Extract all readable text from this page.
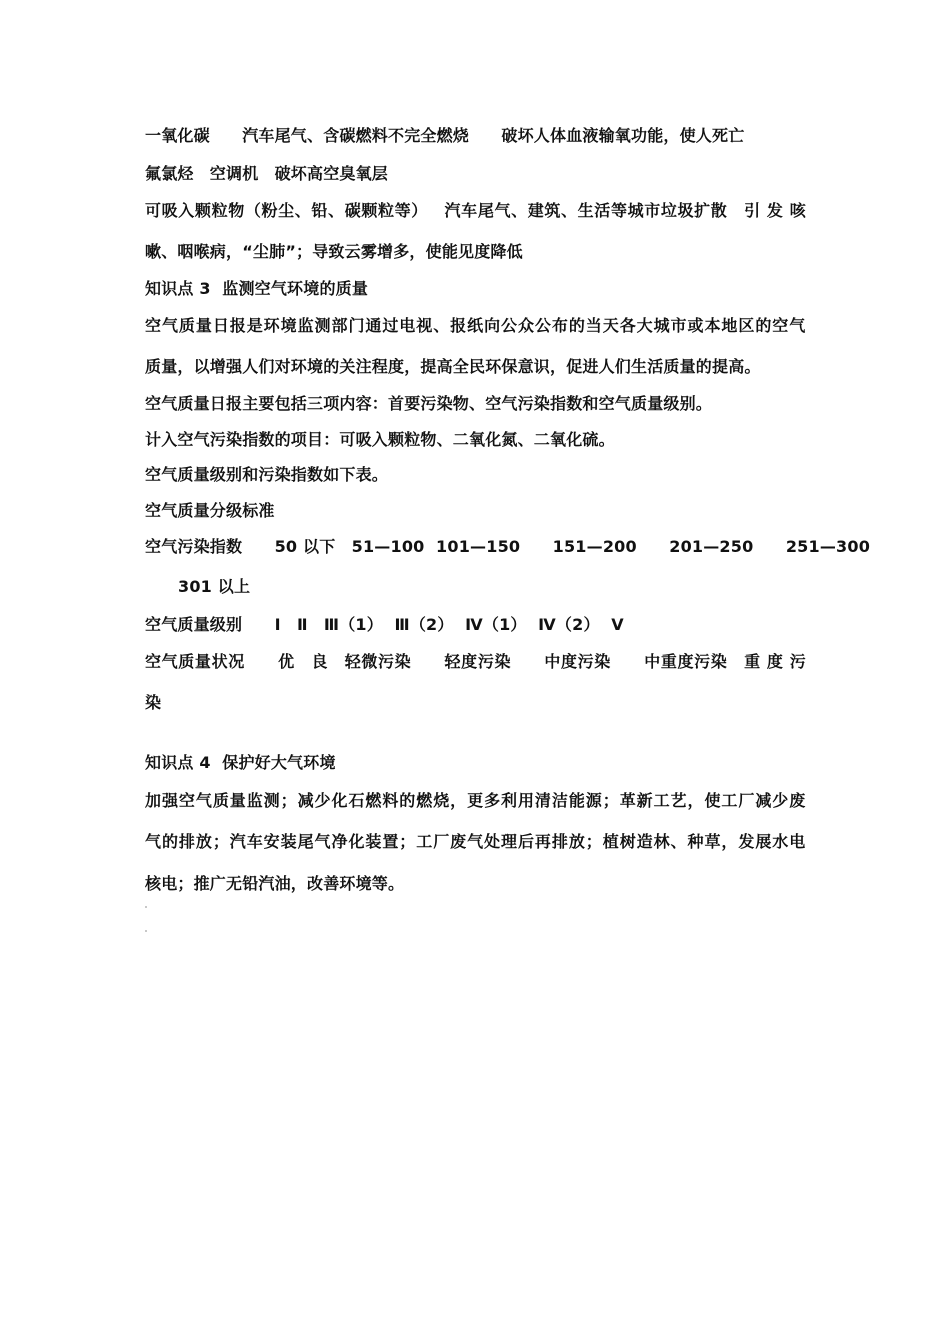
一氧化碳　　汽车尾气、含碳燃料不完全燃烧　　破坏人体血液输氧功能，使人死亡
氟氯烃　空调机　破坏高空臭氧层
可 吸 入 颗 粒 物 （ 粉 尘 、 铅 、 碳 颗 粒 等 ）
　 汽 车 尾 气 、 建 筑 、 生 活 等 城 市 垃 圾 扩 散
　 引
发
咳
嗽、咽喉病，“尘肺”；导致云雾增多，使能见度降低
知识点 3  监测空气环境的质量
空 气 质 量 日 报 是 环 境 监 测 部 门 通 过 电 视 、 报 纸 向 公 众 公 布 的 当 天 各 大 城 市 或 本 地 区 的 空 气
质量，以增强人们对环境的关注程度，提高全民环保意识，促进人们生活质量的提高。
空气质量日报主要包括三项内容：首要污染物、空气污染指数和空气质量级别。
计入空气污染指数的项目：可吸入颗粒物、二氧化氮、二氧化硫。
空气质量级别和污染指数如下表。
空气质量分级标准
空气污染指数　　50 以下　51—100  101—150　　151—200　　201—250　　251—300
301 以上
空气质量级别　　Ⅰ　Ⅱ　Ⅲ（1）  Ⅲ（2）  Ⅳ（1）  Ⅳ（2）  Ⅴ
空 气 质 量 状 况

　 优
　 良
　 轻 微 污 染

　 轻 度 污 染

　 中 度 污 染

　 中 重 度 污 染
　 重
度
污
染
知识点 4  保护好大气环境
加 强 空 气 质 量 监 测 ； 减 少 化 石 燃 料 的 燃 烧 ， 更 多 利 用 清 洁 能 源 ； 革 新 工 艺 ， 使 工 厂 减 少 废
气 的 排 放 ； 汽 车 安 装 尾 气 净 化 装 置 ； 工 厂 废 气 处 理 后 再 排 放 ； 植 树 造 林 、 种 草 ， 发 展 水 电
核电；推广无铅汽油，改善环境等。
